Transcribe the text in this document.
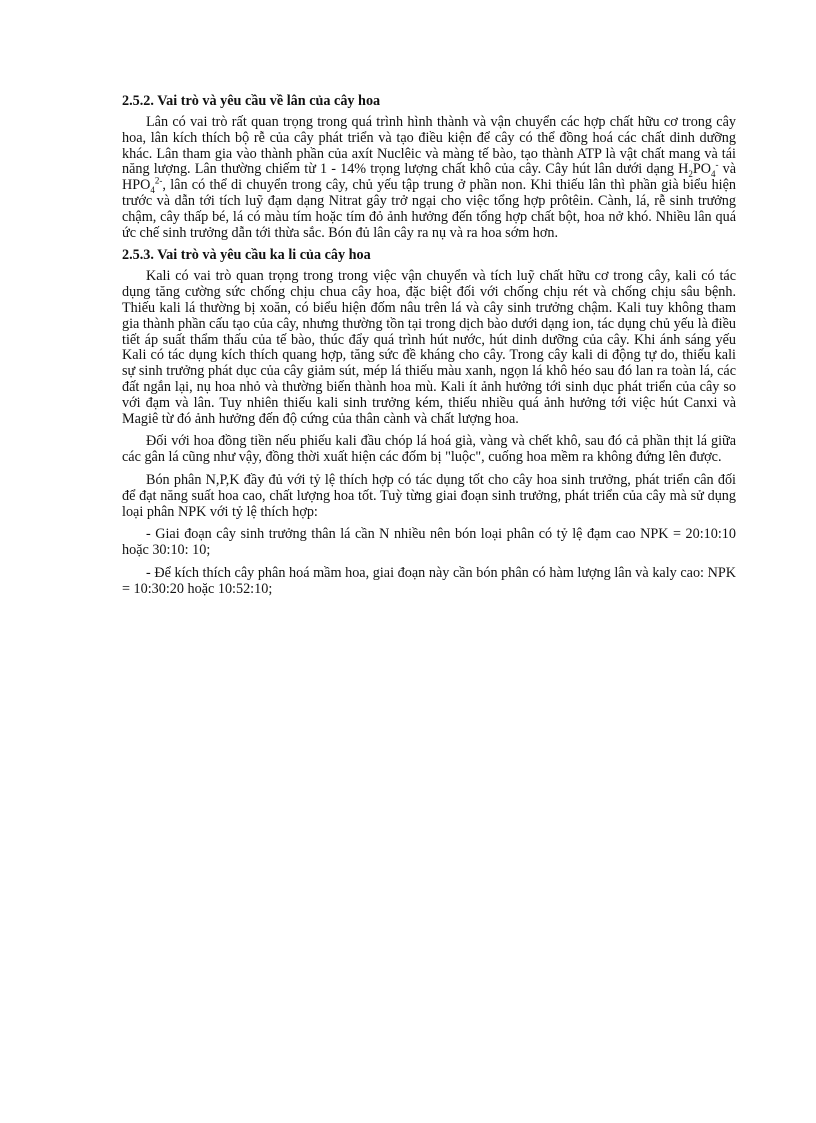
2.5.2. Vai trò và yêu cầu về lân của cây hoa

Lân có vai trò rất quan trọng trong quá trình hình thành và vận chuyển các hợp chất hữu cơ trong cây hoa, lân kích thích bộ rễ của cây phát triển và tạo điều kiện để cây có thể đồng hoá các chất dinh dưỡng khác. Lân tham gia vào thành phần của axít Nuclêic và màng tế bào, tạo thành ATP là vật chất mang và tái năng lượng. Lân thường chiếm từ 1 - 14% trọng lượng chất khô của cây. Cây hút lân dưới dạng $H_2PO_4^-$ và $HPO_4^{2-}$, lân có thể di chuyển trong cây, chủ yếu tập trung ở phần non. Khi thiếu lân thì phần già biểu hiện trước và dẫn tới tích luỹ đạm dạng Nitrat gây trở ngại cho việc tổng hợp prôtêin. Cành, lá, rễ sinh trưởng chậm, cây thấp bé, lá có màu tím hoặc tím đỏ ảnh hưởng đến tổng hợp chất bột, hoa nở khó. Nhiều lân quá ức chế sinh trưởng dẫn tới thừa sắc. Bón đủ lân cây ra nụ và ra hoa sớm hơn.

2.5.3. Vai trò và yêu cầu ka li của cây hoa

Kali có vai trò quan trọng trong trong việc vận chuyển và tích luỹ chất hữu cơ trong cây, kali có tác dụng tăng cường sức chống chịu chua cây hoa, đặc biệt đối với chống chịu rét và chống chịu sâu bệnh. Thiếu kali lá thường bị xoăn, có biểu hiện đốm nâu trên lá và cây sinh trưởng chậm. Kali tuy không tham gia thành phần cấu tạo của cây, nhưng thường tồn tại trong dịch bào dưới dạng ion, tác dụng chủ yếu là điều tiết áp suất thẩm thấu của tế bào, thúc đẩy quá trình hút nước, hút dinh dưỡng của cây. Khi ánh sáng yếu Kali có tác dụng kích thích quang hợp, tăng sức đề kháng cho cây. Trong cây kali di động tự do, thiếu kali sự sinh trưởng phát dục của cây giảm sút, mép lá thiếu màu xanh, ngọn lá khô héo sau đó lan ra toàn lá, các đất ngắn lại, nụ hoa nhỏ và thường biến thành hoa mù. Kali ít ảnh hưởng tới sinh dục phát triển của cây so với đạm và lân. Tuy nhiên thiếu kali sinh trưởng kém, thiếu nhiều quá ảnh hưởng tới việc hút Canxi và Magiê từ đó ảnh hưởng đến độ cứng của thân cành và chất lượng hoa.

Đối với hoa đồng tiền nếu phiếu kali đầu chóp lá hoá già, vàng và chết khô, sau đó cả phần thịt lá giữa các gân lá cũng như vậy, đồng thời xuất hiện các đốm bị "luộc", cuống hoa mềm ra không đứng lên được.

Bón phân N,P,K đầy đủ với tỷ lệ thích hợp có tác dụng tốt cho cây hoa sinh trưởng, phát triển cân đối để đạt năng suất hoa cao, chất lượng hoa tốt. Tuỳ từng giai đoạn sinh trưởng, phát triển của cây mà sử dụng loại phân NPK với tỷ lệ thích hợp:

- Giai đoạn cây sinh trưởng thân lá cần N nhiều nên bón loại phân có tỷ lệ đạm cao NPK = 20:10:10 hoặc 30:10: 10;

- Để kích thích cây phân hoá mầm hoa, giai đoạn này cần bón phân có hàm lượng lân và kaly cao: NPK = 10:30:20 hoặc 10:52:10;
